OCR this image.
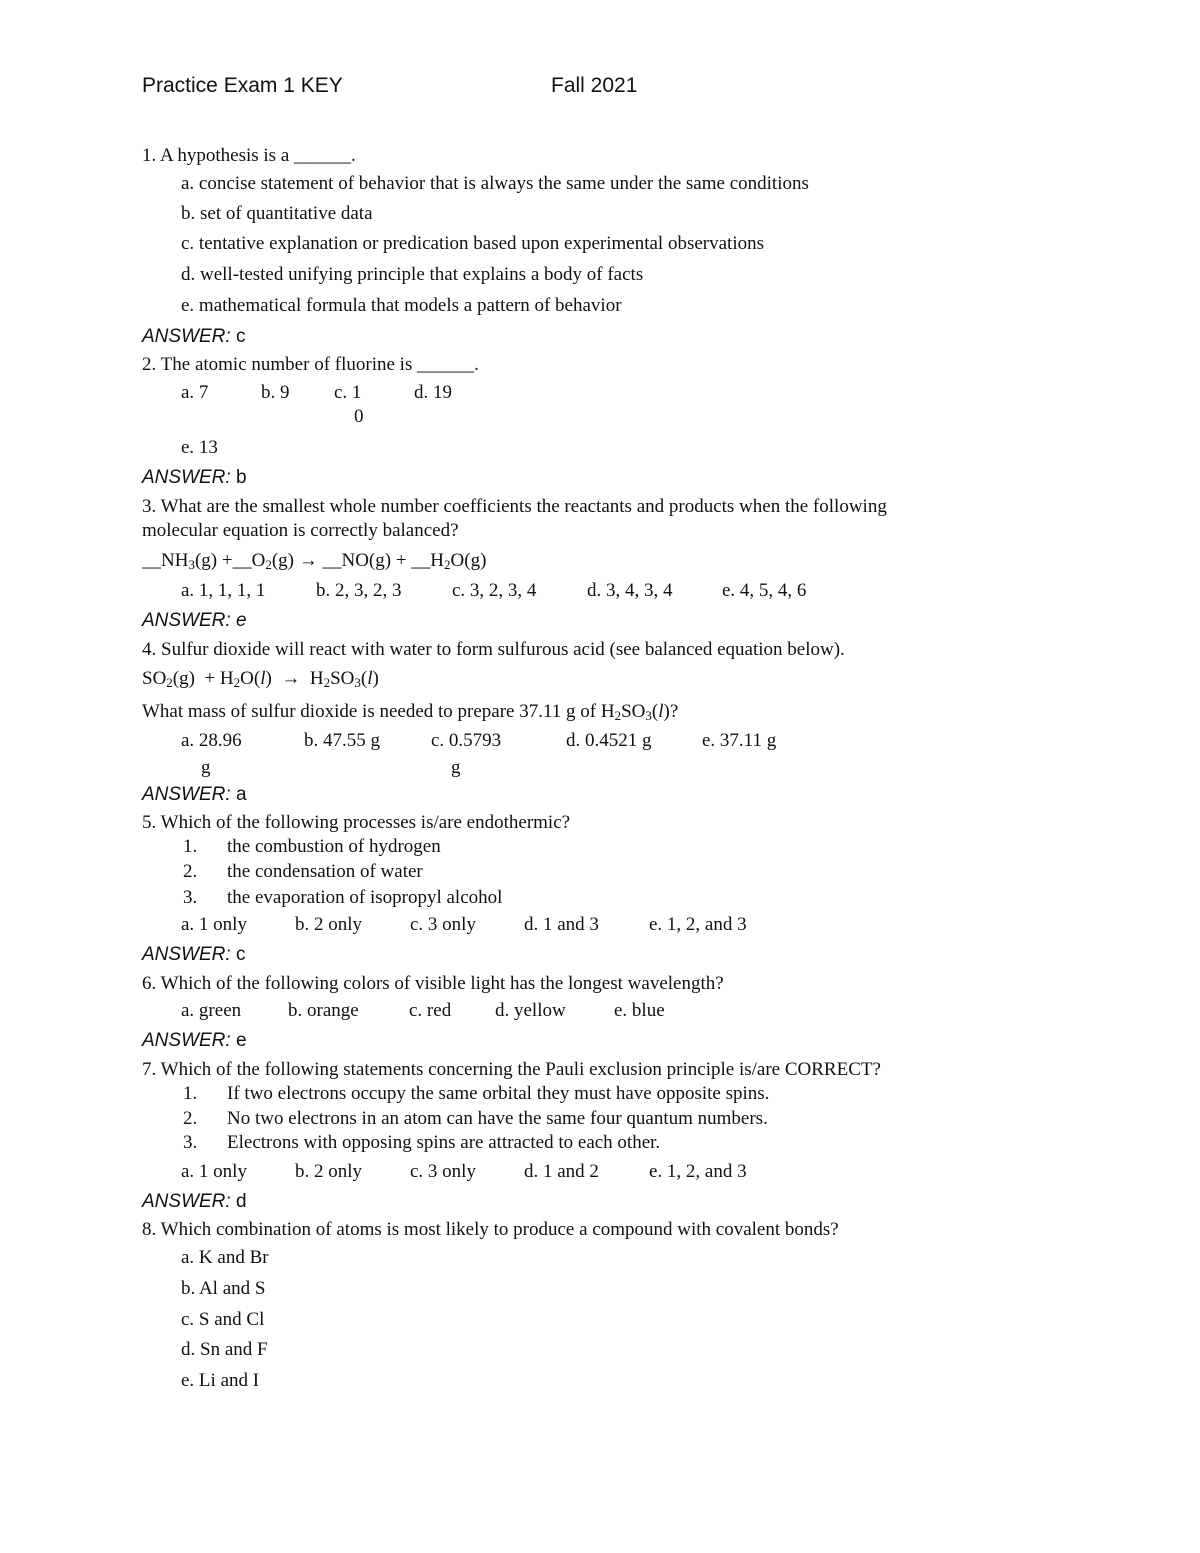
Practice Exam 1 KEY	Fall 2021
1. A hypothesis is a ______.
a. concise statement of behavior that is always the same under the same conditions
b. set of quantitative data
c. tentative explanation or predication based upon experimental observations
d. well-tested unifying principle that explains a body of facts
e. mathematical formula that models a pattern of behavior
ANSWER: c
2. The atomic number of fluorine is ______.
a. 7	b. 9 c. 1
0
d. 19
e. 13
ANSWER: b
3. What are the smallest whole number coefficients the reactants and products when the following
molecular equation is correctly balanced?
$\_\_NH_3(g)$ $+\_\_O_2(g)$ → __NO(g) + $\_\_H_2O(g)$
a. 1, 1, 1, 1	b. 2, 3, 2, 3	c. 3, 2, 3, 4	d. 3, 4, 3, 4	e. 4, 5, 4, 6
ANSWER: e
4. Sulfur dioxide will react with water to form sulfurous acid (see balanced equation below).
$SO_2(g) + H_2O(l) \to H_2SO_3(l)$
What mass of sulfur dioxide is needed to prepare 37.11 g of $H_2SO_3(l)$?
a. 28.96
g
b. 47.55 g	c. 0.5793
g
d. 0.4521 g	e. 37.11 g
ANSWER: a
5. Which of the following processes is/are endothermic?
1. the combustion of hydrogen
2. the condensation of water
3. the evaporation of isopropyl alcohol
a. 1 only	b. 2 only	c. 3 only	d. 1 and 3	e. 1, 2, and 3
ANSWER: c
6. Which of the following colors of visible light has the longest wavelength?
a. green b. orange	c. red d. yellow	e. blue
ANSWER: e
7. Which of the following statements concerning the Pauli exclusion principle is/are CORRECT?
1. If two electrons occupy the same orbital they must have opposite spins.
2. No two electrons in an atom can have the same four quantum numbers.
3. Electrons with opposing spins are attracted to each other.
a. 1 only	b. 2 only	c. 3 only	d. 1 and 2	e. 1, 2, and 3
ANSWER: d
8. Which combination of atoms is most likely to produce a compound with covalent bonds?
a. K and Br
b. Al and S
c. S and Cl
d. Sn and F
e. Li and I
